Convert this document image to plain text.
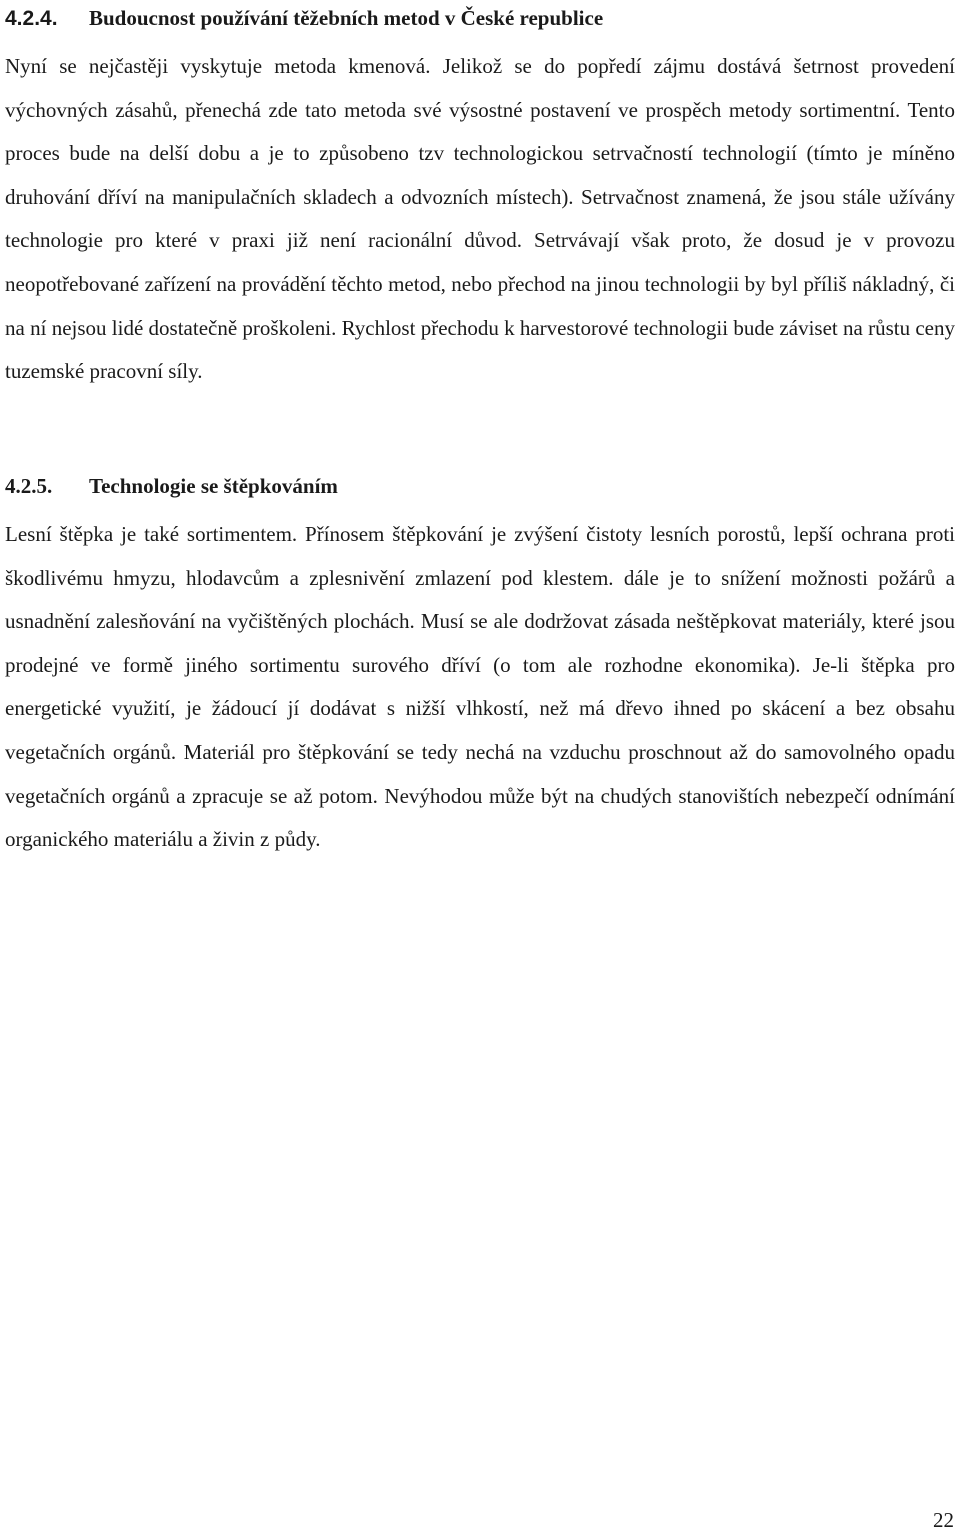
4.2.4.	Budoucnost používání těžebních metod v České republice

Nyní se nejčastěji vyskytuje metoda kmenová. Jelikož se do popředí zájmu dostává šetrnost provedení výchovných zásahů, přenechá zde tato metoda své výsostné postavení ve prospěch metody sortimentní. Tento proces bude na delší dobu a je to způsobeno tzv technologickou setrvačností technologií (tímto je míněno druhování dříví na manipulačních skladech a odvozních místech). Setrvačnost znamená, že jsou stále užívány technologie pro které v praxi již není racionální důvod. Setrvávají však proto, že dosud je v provozu neopotřebované zařízení na provádění těchto metod, nebo přechod na jinou technologii by byl příliš nákladný, či na ní nejsou lidé dostatečně proškoleni. Rychlost přechodu k harvestorové technologii bude záviset na růstu ceny tuzemské pracovní síly.

4.2.5.	Technologie se štěpkováním

Lesní štěpka je také sortimentem. Přínosem štěpkování je zvýšení čistoty lesních porostů, lepší ochrana proti škodlivému hmyzu, hlodavcům a zplesnivění zmlazení pod klestem. dále je to snížení možnosti požárů a usnadnění zalesňování na vyčištěných plochách. Musí se ale dodržovat zásada neštěpkovat materiály, které jsou prodejné ve formě jiného sortimentu surového dříví (o tom ale rozhodne ekonomika). Je-li štěpka pro energetické využití, je žádoucí jí dodávat s nižší vlhkostí, než má dřevo ihned po skácení a bez obsahu vegetačních orgánů. Materiál pro štěpkování se tedy nechá na vzduchu proschnout až do samovolného opadu vegetačních orgánů a zpracuje se až potom. Nevýhodou může být na chudých stanovištích nebezpečí odnímání organického materiálu a živin z půdy.

22
